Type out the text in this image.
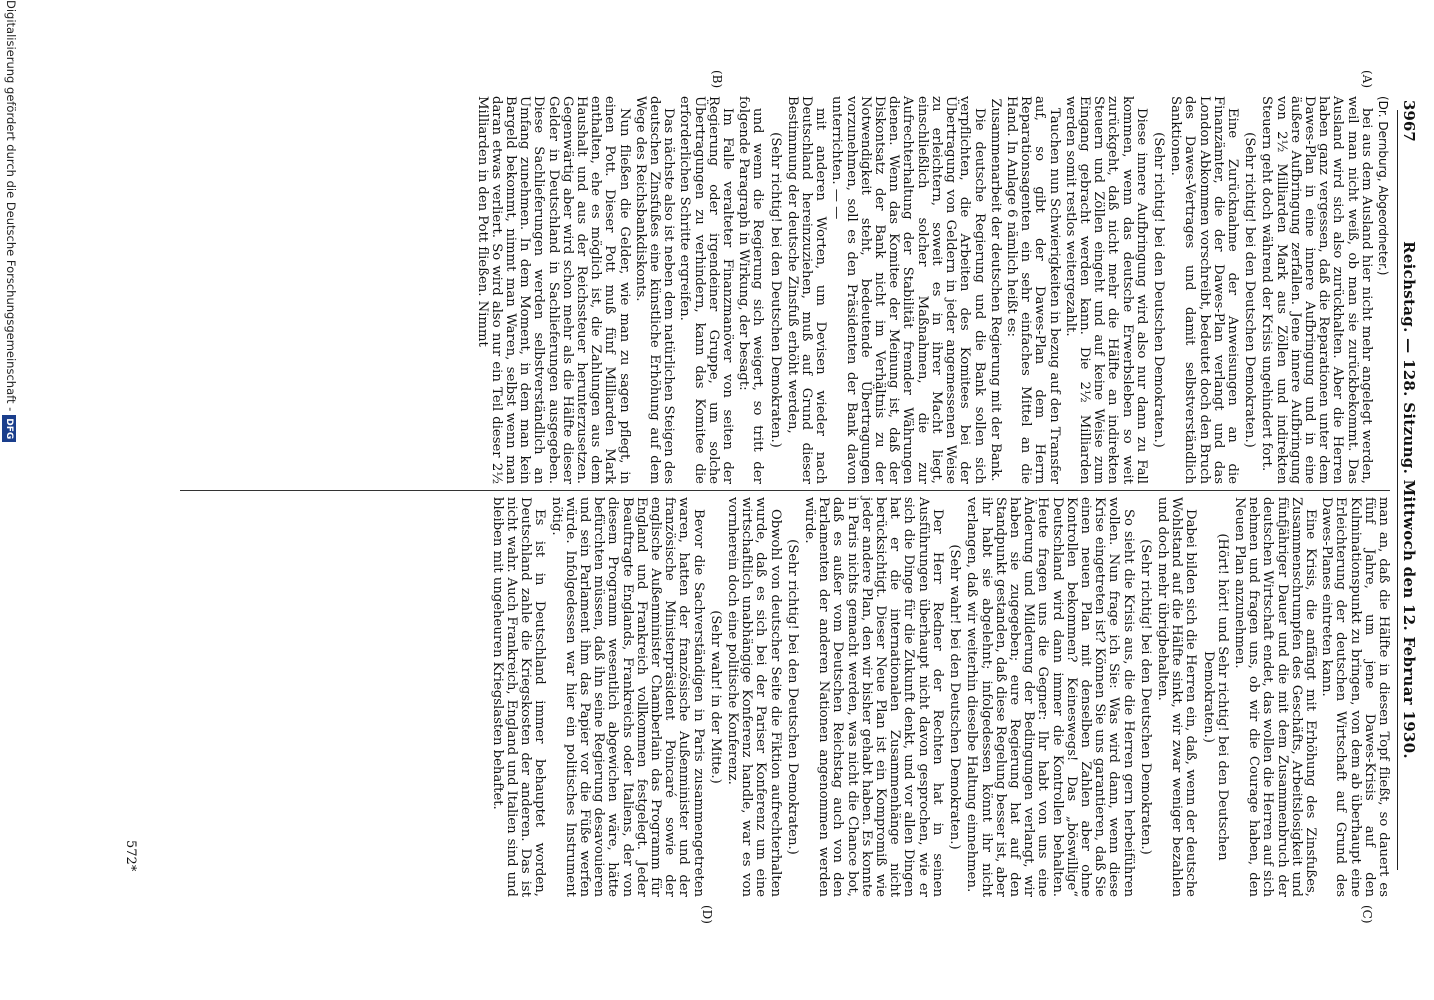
3967
Reichstag. — 128. Sitzung. Mittwoch den 12. Februar 1930.
(A)
(B)
(C)
(D)

(Dr. Dernburg, Abgeordneter.)

bei aus dem Ausland hier nicht mehr angelegt werden, weil man nicht weiß, ob man sie zurückbekommt. Das Ausland wird sich also zurückhalten. Aber die Herren haben ganz vergessen, daß die Reparationen unter dem Dawes-Plan in eine innere Aufbringung und in eine äußere Aufbringung zerfallen. Jene innere Aufbringung von 2½ Milliarden Mark aus Zöllen und indirekten Steuern geht doch während der Krisis ungehindert fort.

(Sehr richtig! bei den Deutschen Demokraten.)

Eine Zurücknahme der Anweisungen an die Finanzämter, die der Dawes-Plan verlangt und das London Abkommen vorschreibt, bedeutet doch den Bruch des Dawes-Vertrages und damit selbstverständlich Sanktionen.

(Sehr richtig! bei den Deutschen Demokraten.)

Diese innere Aufbringung wird also nur dann zu Fall kommen, wenn das deutsche Erwerbsleben so weit zurückgeht, daß nicht mehr die Hälfte an indirekten Steuern und Zöllen eingeht und auf keine Weise zum Eingang gebracht werden kann. Die 2½ Milliarden werden somit restlos weitergezahlt.

Tauchen nun Schwierigkeiten in bezug auf den Transfer auf, so gibt der Dawes-Plan dem Herrn Reparationsagenten ein sehr einfaches Mittel an die Hand. In Anlage 6 nämlich heißt es:

Zusammenarbeit der deutschen Regierung mit der Bank.

Die deutsche Regierung und die Bank sollen sich verpflichten, die Arbeiten des Komitees bei der Übertragung von Geldern in jeder angemessenen Weise zu erleichtern, soweit es in ihrer Macht liegt, einschließlich solcher Maßnahmen, die zur Aufrechterhaltung der Stabilität fremder Währungen dienen. Wenn das Komitee der Meinung ist, daß der Diskontsatz der Bank nicht im Verhältnis zu der Notwendigkeit steht, bedeutende Übertragungen vorzunehmen, soll es den Präsidenten der Bank davon unterrichten. — —

mit anderen Worten, um Devisen wieder nach Deutschland hereinzuziehen, muß auf Grund dieser Bestimmung der deutsche Zinsfuß erhöht werden,

(Sehr richtig! bei den Deutschen Demokraten.)

und wenn die Regierung sich weigert, so tritt der folgende Paragraph in Wirkung, der besagt:

Im Falle veralteter Finanzmanöver von seiten der Regierung oder irgendeiner Gruppe, um solche Übertragungen zu verhindern, kann das Komitee die erforderlichen Schritte ergreifen.

Das nächste also ist neben dem natürlichen Steigen des deutschen Zinsfußes eine künstliche Erhöhung auf dem Wege des Reichsbankdiskonts.

Nun fließen die Gelder, wie man zu sagen pflegt, in einen Pott. Dieser Pott muß fünf Milliarden Mark enthalten, ehe es möglich ist, die Zahlungen aus dem Haushalt und aus der Reichssteuer herunterzusetzen. Gegenwärtig aber wird schon mehr als die Hälfte dieser Gelder in Deutschland in Sachlieferungen ausgegeben. Diese Sachlieferungen werden selbstverständlich an Umfang zunehmen. In dem Moment, in dem man kein Bargeld bekommt, nimmt man Waren, selbst wenn man daran etwas verliert. So wird also nur ein Teil dieser 2½ Milliarden in den Pott fließen. Nimmt

man an, daß die Hälfte in diesen Topf fließt, so dauert es fünf Jahre, um jene Dawes-Krisis auf den Kulminationspunkt zu bringen, von dem ab überhaupt eine Erleichterung der deutschen Wirtschaft auf Grund des Dawes-Planes eintreten kann.

Eine Krisis, die anfängt mit Erhöhung des Zinsfußes, Zusammenschrumpfen des Geschäfts, Arbeitslosigkeit und fünfjähriger Dauer und die mit dem Zusammenbruch der deutschen Wirtschaft endet, das wollen die Herren auf sich nehmen und fragen uns, ob wir die Courage haben, den Neuen Plan anzunehmen.

(Hört! hört! und Sehr richtig! bei den Deutschen Demokraten.)

Dabei bilden sich die Herren ein, daß, wenn der deutsche Wohlstand auf die Hälfte sinkt, wir zwar weniger bezahlen und doch mehr übrigbehalten.

(Sehr richtig! bei den Deutschen Demokraten.)

So sieht die Krisis aus, die die Herren gern herbeiführen wollen. Nun frage ich Sie: Was wird dann, wenn diese Krise eingetreten ist? Können Sie uns garantieren, daß Sie einen neuen Plan mit denselben Zahlen aber ohne Kontrollen bekommen? Keineswegs! Das „böswillige“ Deutschland wird dann immer die Kontrollen behalten. Heute fragen uns die Gegner: Ihr habt von uns eine Änderung und Milderung der Bedingungen verlangt, wir haben sie zugegeben; eure Regierung hat auf den Standpunkt gestanden, daß diese Regelung besser ist, aber ihr habt sie abgelehnt; infolgedessen könnt ihr nicht verlangen, daß wir weiterhin dieselbe Haltung einnehmen.

(Sehr wahr! bei den Deutschen Demokraten.)

Der Herr Redner der Rechten hat in seinen Ausführungen überhaupt nicht davon gesprochen, wie er sich die Dinge für die Zukunft denkt, und vor allen Dingen hat er die internationalen Zusammenhänge nicht berücksichtigt. Dieser Neue Plan ist ein Kompromiß wie jeder andere Plan, den wir bisher gehabt haben. Es konnte in Paris nichts gemacht werden, was nicht die Chance bot, daß es außer vom Deutschen Reichstag auch von den Parlamenten der anderen Nationen angenommen werden würde.

(Sehr richtig! bei den Deutschen Demokraten.)

Obwohl von deutscher Seite die Fiktion aufrechterhalten wurde, daß es sich bei der Pariser Konferenz um eine wirtschaftlich unabhängige Konferenz handle, war es von vornherein doch eine politische Konferenz.

(Sehr wahr! in der Mitte.)

Bevor die Sachverständigen in Paris zusammengetreten waren, hatten der französische Außenminister und der französische Ministerpräsident Poincaré sowie der englische Außenminister Chamberlain das Programm für England und Frankreich vollkommen festgelegt. Jeder Beauftragte Englands, Frankreichs oder Italiens, der von diesem Programm wesentlich abgewichen wäre, hätte befürchten müssen, daß ihn seine Regierung desavouieren und sein Parlament ihm das Papier vor die Füße werfen würde. Infolgedessen war hier ein politisches Instrument nötig.

Es ist in Deutschland immer behauptet worden, Deutschland zahle die Kriegskosten der anderen. Das ist nicht wahr. Auch Frankreich, England und Italien sind und bleiben mit ungeheuren Kriegslasten behaftet.

572*
Digitalisierung gefördert durch die Deutsche Forschungsgemeinschaft -DFG
